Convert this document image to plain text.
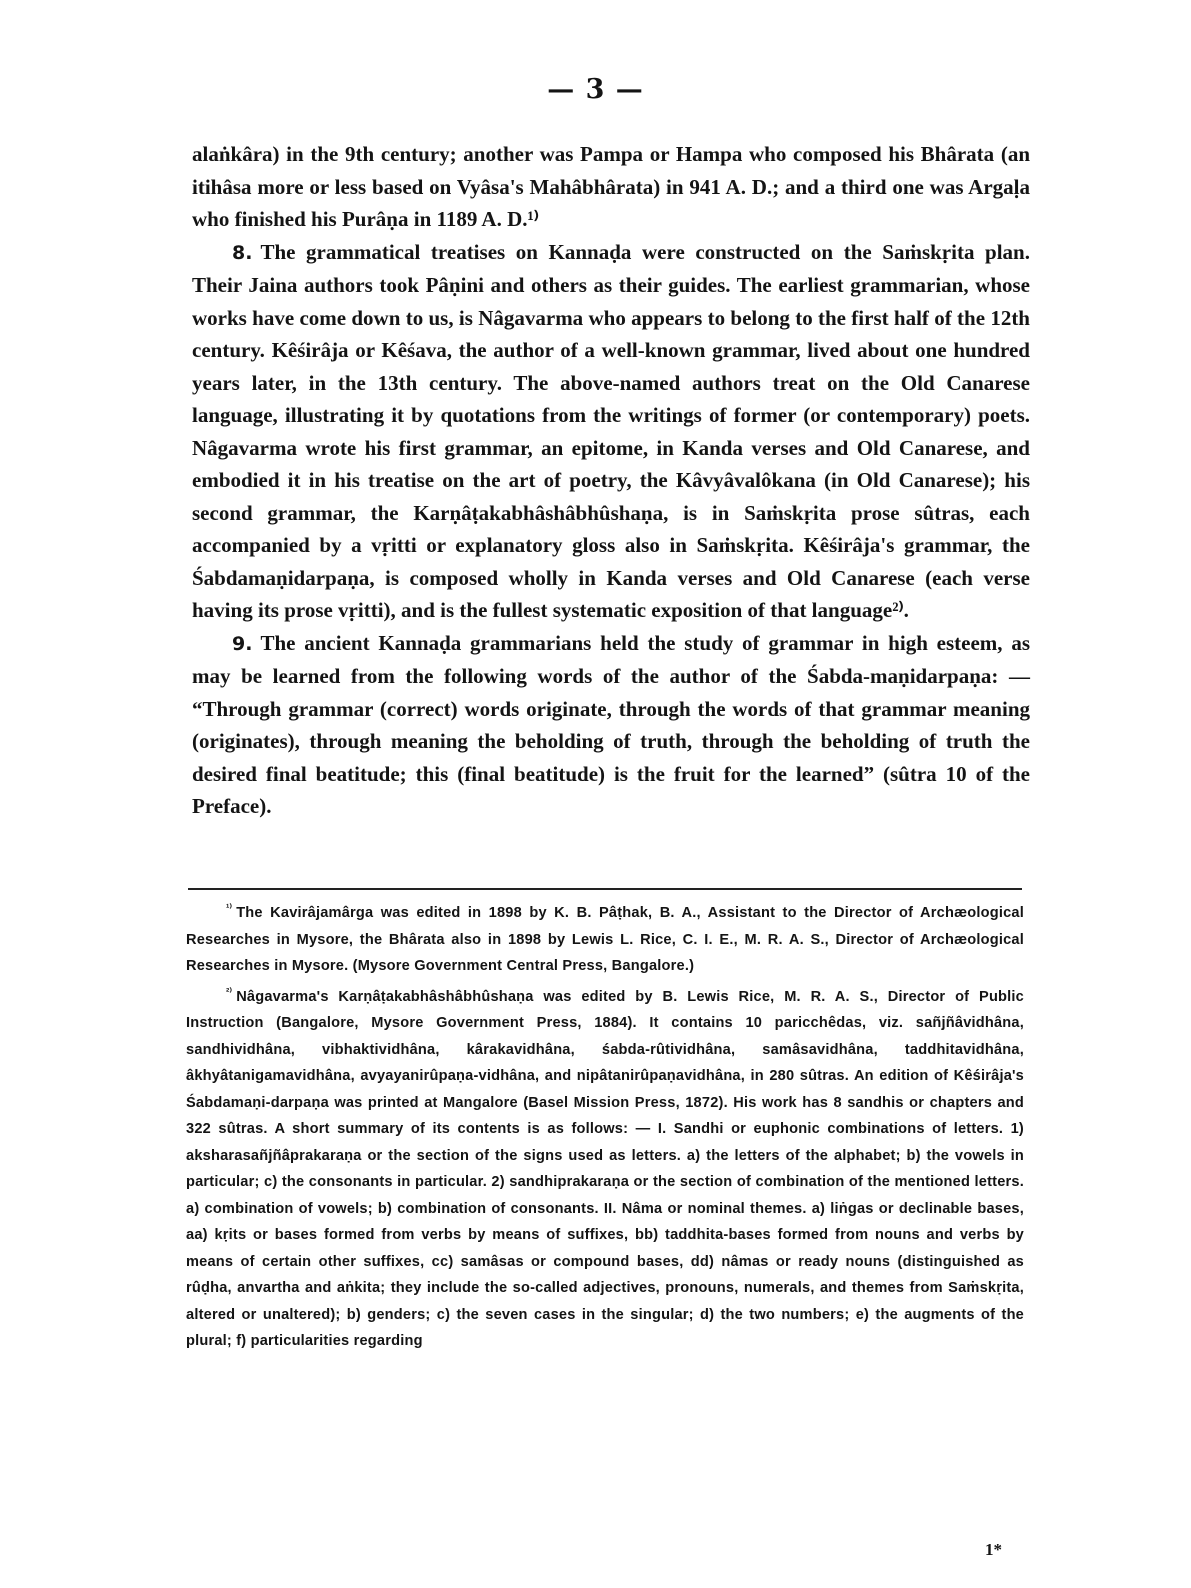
— 3 —

alaṅkâra) in the 9th century; another was Pampa or Hampa who composed his Bhârata (an itihâsa more or less based on Vyâsa's Mahâbhârata) in 941 A. D.; and a third one was Argaḷa who finished his Purâṇa in 1189 A. D.¹⁾

8. The grammatical treatises on Kannaḍa were constructed on the Saṁskṛita plan. Their Jaina authors took Pâṇini and others as their guides. The earliest grammarian, whose works have come down to us, is Nâgavarma who appears to belong to the first half of the 12th century. Kêśirâja or Kêśava, the author of a well-known grammar, lived about one hundred years later, in the 13th century. The above-named authors treat on the Old Canarese language, illustrating it by quotations from the writings of former (or contemporary) poets. Nâgavarma wrote his first grammar, an epitome, in Kanda verses and Old Canarese, and embodied it in his treatise on the art of poetry, the Kâvyâvalôkana (in Old Canarese); his second grammar, the Karṇâṭakabhâshâbhûshaṇa, is in Saṁskṛita prose sûtras, each accompanied by a vṛitti or explanatory gloss also in Saṁskṛita. Kêśirâja's grammar, the Śabdamaṇidarpaṇa, is composed wholly in Kanda verses and Old Canarese (each verse having its prose vṛitti), and is the fullest systematic exposition of that language²⁾.

9. The ancient Kannaḍa grammarians held the study of grammar in high esteem, as may be learned from the following words of the author of the Śabda-maṇidarpaṇa: — “Through grammar (correct) words originate, through the words of that grammar meaning (originates), through meaning the beholding of truth, through the beholding of truth the desired final beatitude; this (final beatitude) is the fruit for the learned” (sûtra 10 of the Preface).

$^{^{1)}}$ The Kavirâjamârga was edited in 1898 by K. B. Pâṭhak, B. A., Assistant to the Director of Archæological Researches in Mysore, the Bhârata also in 1898 by Lewis L. Rice, C. I. E., M. R. A. S., Director of Archæological Researches in Mysore. (Mysore Government Central Press, Bangalore.)

$^{^{2)}}$ Nâgavarma's Karṇâṭakabhâshâbhûshaṇa was edited by B. Lewis Rice, M. R. A. S., Director of Public Instruction (Bangalore, Mysore Government Press, 1884). It contains 10 paricchêdas, viz. sañjñâvidhâna, sandhividhâna, vibhaktividhâna, kârakavidhâna, śabda-rûtividhâna, samâsavidhâna, taddhitavidhâna, âkhyâtanigamavidhâna, avyayanirûpaṇa-vidhâna, and nipâtanirûpaṇavidhâna, in 280 sûtras. An edition of Kêśirâja's Śabdamaṇi-darpaṇa was printed at Mangalore (Basel Mission Press, 1872). His work has 8 sandhis or chapters and 322 sûtras. A short summary of its contents is as follows: — I. Sandhi or euphonic combinations of letters. 1) aksharasañjñâprakaraṇa or the section of the signs used as letters. a) the letters of the alphabet; b) the vowels in particular; c) the consonants in particular. 2) sandhiprakaraṇa or the section of combination of the mentioned letters. a) combination of vowels; b) combination of consonants. II. Nâma or nominal themes. a) liṅgas or declinable bases, aa) kṛits or bases formed from verbs by means of suffixes, bb) taddhita-bases formed from nouns and verbs by means of certain other suffixes, cc) samâsas or compound bases, dd) nâmas or ready nouns (distinguished as rûḍha, anvartha and aṅkita; they include the so-called adjectives, pronouns, numerals, and themes from Saṁskṛita, altered or unaltered); b) genders; c) the seven cases in the singular; d) the two numbers; e) the augments of the plural; f) particularities regarding

1*
